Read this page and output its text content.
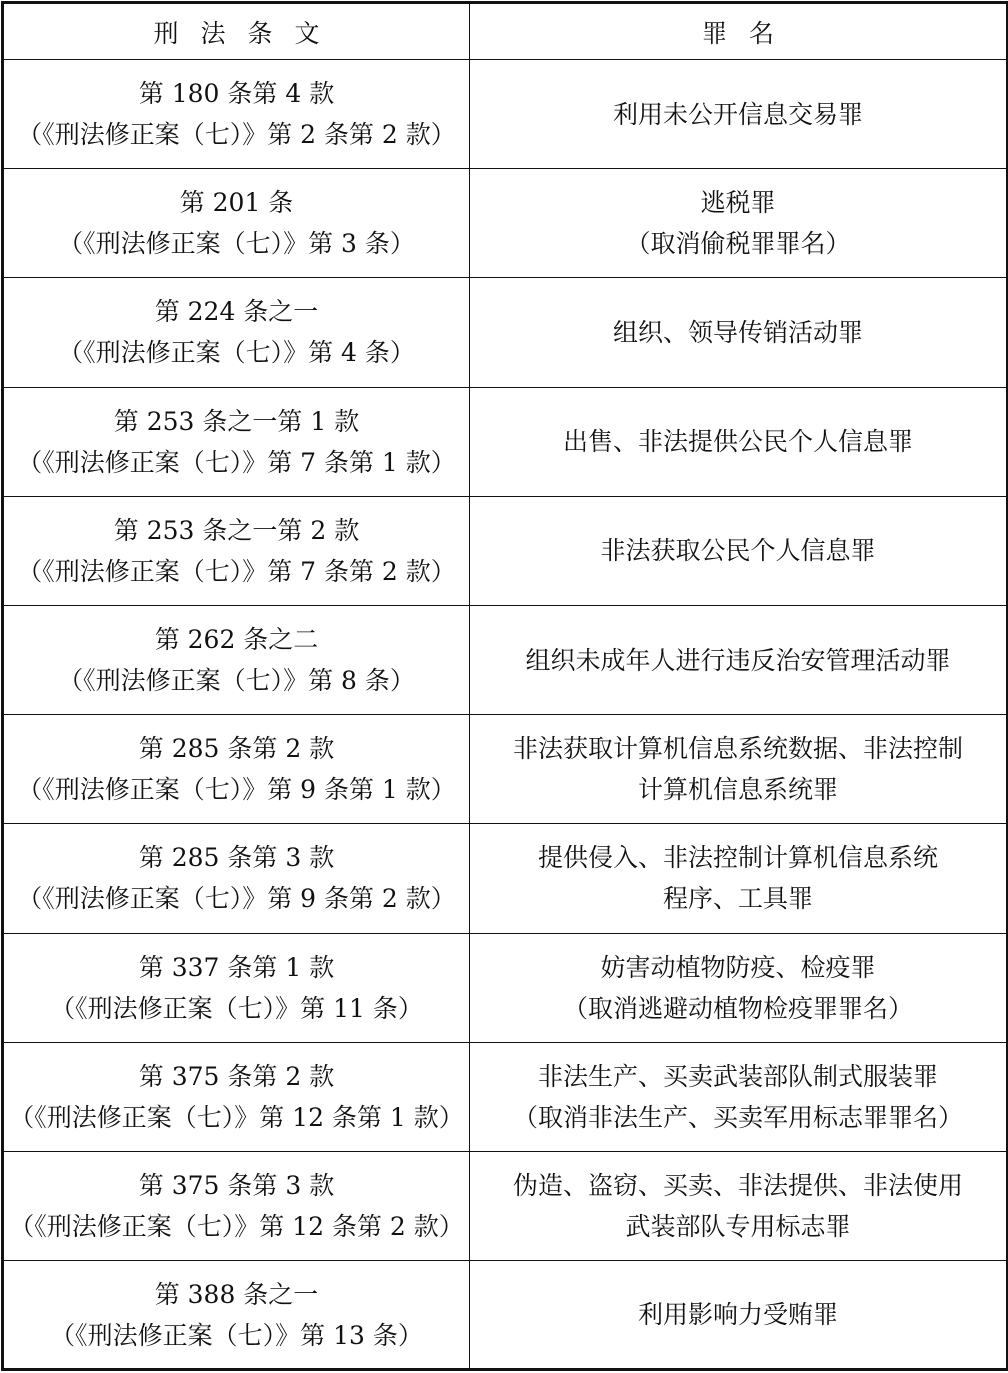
刑法条文	罪名

第 180 条第 4 款
（《刑法修正案（七）》第 2 条第 2 款）	利用未公开信息交易罪

第 201 条
（《刑法修正案（七）》第 3 条）	逃税罪
（取消偷税罪罪名）

第 224 条之一
（《刑法修正案（七）》第 4 条）	组织、领导传销活动罪

第 253 条之一第 1 款
（《刑法修正案（七）》第 7 条第 1 款）	出售、非法提供公民个人信息罪

第 253 条之一第 2 款
（《刑法修正案（七）》第 7 条第 2 款）	非法获取公民个人信息罪

第 262 条之二
（《刑法修正案（七）》第 8 条）	组织未成年人进行违反治安管理活动罪

第 285 条第 2 款
（《刑法修正案（七）》第 9 条第 1 款）	非法获取计算机信息系统数据、非法控制
计算机信息系统罪

第 285 条第 3 款
（《刑法修正案（七）》第 9 条第 2 款）	提供侵入、非法控制计算机信息系统
程序、工具罪

第 337 条第 1 款
（《刑法修正案（七）》第 11 条）	妨害动植物防疫、检疫罪
（取消逃避动植物检疫罪罪名）

第 375 条第 2 款
（《刑法修正案（七）》第 12 条第 1 款）	非法生产、买卖武装部队制式服装罪
（取消非法生产、买卖军用标志罪罪名）

第 375 条第 3 款
（《刑法修正案（七）》第 12 条第 2 款）	伪造、盗窃、买卖、非法提供、非法使用
武装部队专用标志罪

第 388 条之一
（《刑法修正案（七）》第 13 条）	利用影响力受贿罪
